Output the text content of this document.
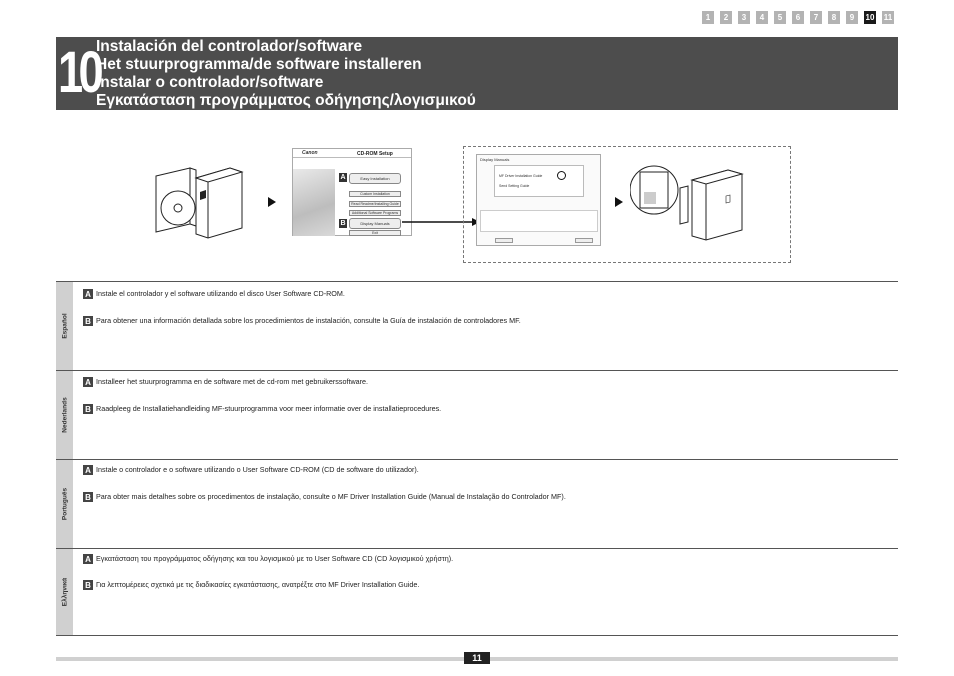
1	2	3	4	5	6	7	8	9	10 11
10
Instalación del controlador/software
Het stuurprogramma/de software installeren
Instalar o controlador/software
Εγκατάσταση προγράμματος οδήγησης/λογισμικού
Canon	CD-ROM Setup
Easy Installation
Custom Installation
Read Readme/Installing Guide
Additional Software Programs
Display Manuals
Exit
A
B
Display Manuals
MF Driver Installation Guide
Send Setting Guide
Español
A Instale el controlador y el software utilizando el disco User Software CD-ROM.
B Para obtener una información detallada sobre los procedimientos de instalación, consulte la Guía de instalación de controladores MF.
Nederlands
A Installeer het stuurprogramma en de software met de cd-rom met gebruikerssoftware.
B Raadpleeg de Installatiehandleiding MF-stuurprogramma voor meer informatie over de installatieprocedures.
Português
A Instale o controlador e o software utilizando o User Software CD-ROM (CD de software do utilizador).
B Para obter mais detalhes sobre os procedimentos de instalação, consulte o MF Driver Installation Guide (Manual de Instalação do Controlador MF).
Ελληνικά
A Εγκατάσταση του προγράμματος οδήγησης και του λογισμικού με το User Software CD (CD λογισμικού χρήστη).
B Για λεπτομέρειες σχετικά με τις διαδικασίες εγκατάστασης, ανατρέξτε στο MF Driver Installation Guide.
11
